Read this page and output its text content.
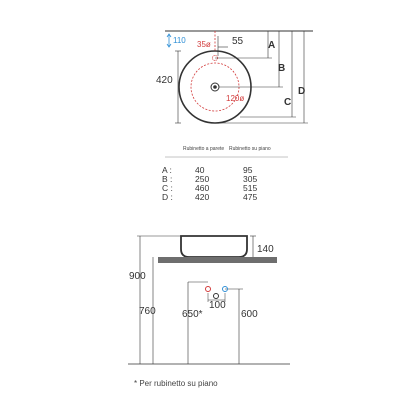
110 35ø 55
420
120ø
A
B
C
D
Rubinetto a parete Rubinetto su piano
A :	40	95
B :	250	305
C :	460	515
D :	420	475
140
900
760
100
650*	600
* Per rubinetto su piano
